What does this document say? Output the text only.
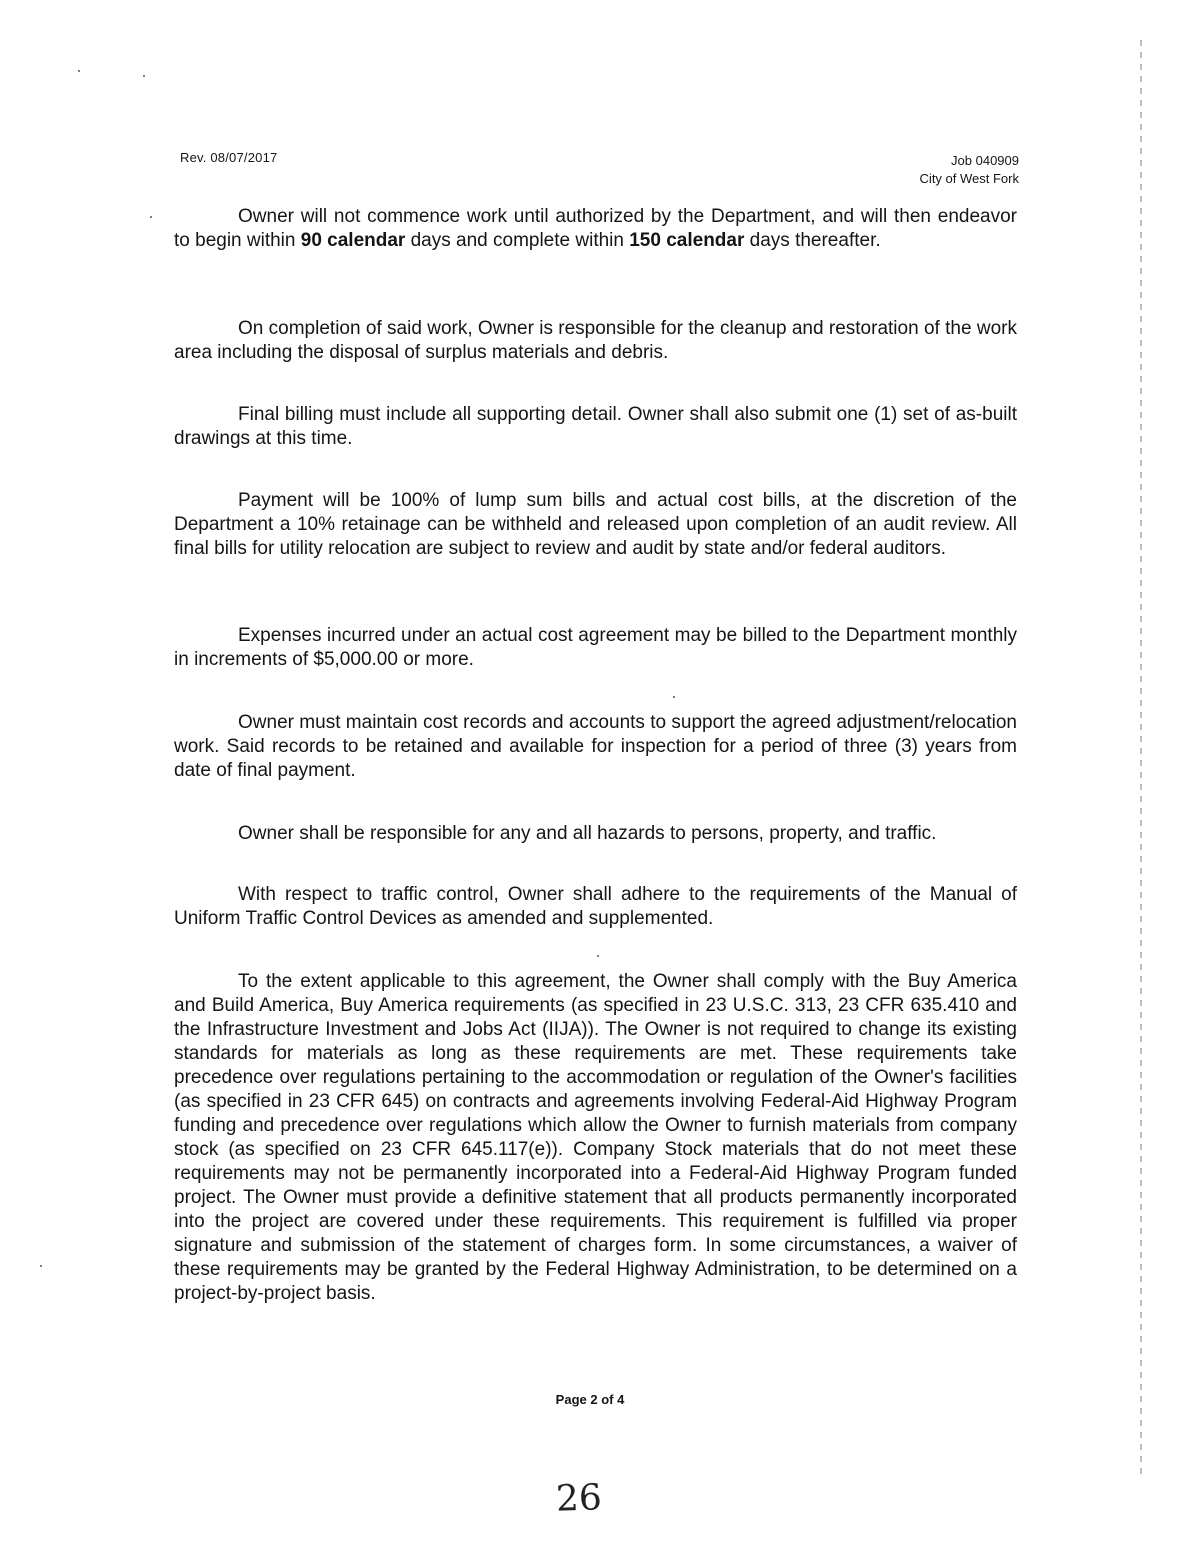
Rev. 08/07/2017	Job 040909
City of West Fork

Owner will not commence work until authorized by the Department, and will then endeavor to begin within 90 calendar days and complete within 150 calendar days thereafter.

On completion of said work, Owner is responsible for the cleanup and restoration of the work area including the disposal of surplus materials and debris.

Final billing must include all supporting detail. Owner shall also submit one (1) set of as-built drawings at this time.

Payment will be 100% of lump sum bills and actual cost bills, at the discretion of the Department a 10% retainage can be withheld and released upon completion of an audit review. All final bills for utility relocation are subject to review and audit by state and/or federal auditors.

Expenses incurred under an actual cost agreement may be billed to the Department monthly in increments of $5,000.00 or more.

Owner must maintain cost records and accounts to support the agreed adjustment/relocation work. Said records to be retained and available for inspection for a period of three (3) years from date of final payment.

Owner shall be responsible for any and all hazards to persons, property, and traffic.

With respect to traffic control, Owner shall adhere to the requirements of the Manual of Uniform Traffic Control Devices as amended and supplemented.

To the extent applicable to this agreement, the Owner shall comply with the Buy America and Build America, Buy America requirements (as specified in 23 U.S.C. 313, 23 CFR 635.410 and the Infrastructure Investment and Jobs Act (IIJA)). The Owner is not required to change its existing standards for materials as long as these requirements are met. These requirements take precedence over regulations pertaining to the accommodation or regulation of the Owner's facilities (as specified in 23 CFR 645) on contracts and agreements involving Federal-Aid Highway Program funding and precedence over regulations which allow the Owner to furnish materials from company stock (as specified on 23 CFR 645.117(e)). Company Stock materials that do not meet these requirements may not be permanently incorporated into a Federal-Aid Highway Program funded project. The Owner must provide a definitive statement that all products permanently incorporated into the project are covered under these requirements. This requirement is fulfilled via proper signature and submission of the statement of charges form. In some circumstances, a waiver of these requirements may be granted by the Federal Highway Administration, to be determined on a project-by-project basis.

Page 2 of 4
26
